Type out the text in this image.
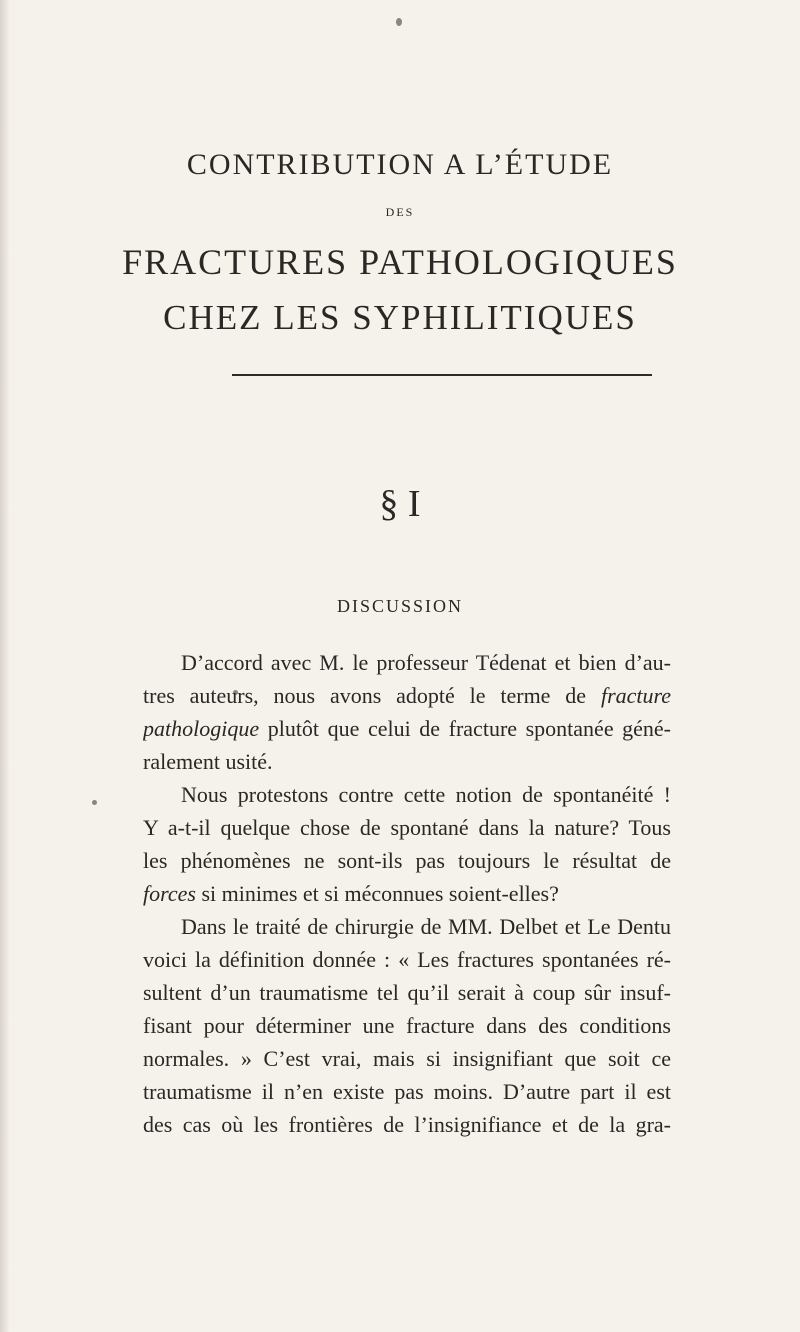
CONTRIBUTION A L’ÉTUDE
DES
FRACTURES PATHOLOGIQUES
CHEZ LES SYPHILITIQUES
§ I
DISCUSSION
D’accord avec M. le professeur Tédenat et bien d’au-
tres auteurs, nous avons adopté le terme de fracture
pathologique plutôt que celui de fracture spontanée géné-
ralement usité.
Nous protestons contre cette notion de spontanéité !
Y a-t-il quelque chose de spontané dans la nature? Tous
les phénomènes ne sont-ils pas toujours le résultat de
forces si minimes et si méconnues soient-elles?
Dans le traité de chirurgie de MM. Delbet et Le Dentu
voici la définition donnée : « Les fractures spontanées ré-
sultent d’un traumatisme tel qu’il serait à coup sûr insuf-
fisant pour déterminer une fracture dans des conditions
normales. » C’est vrai, mais si insignifiant que soit ce
traumatisme il n’en existe pas moins. D’autre part il est
des cas où les frontières de l’insignifiance et de la gra-
